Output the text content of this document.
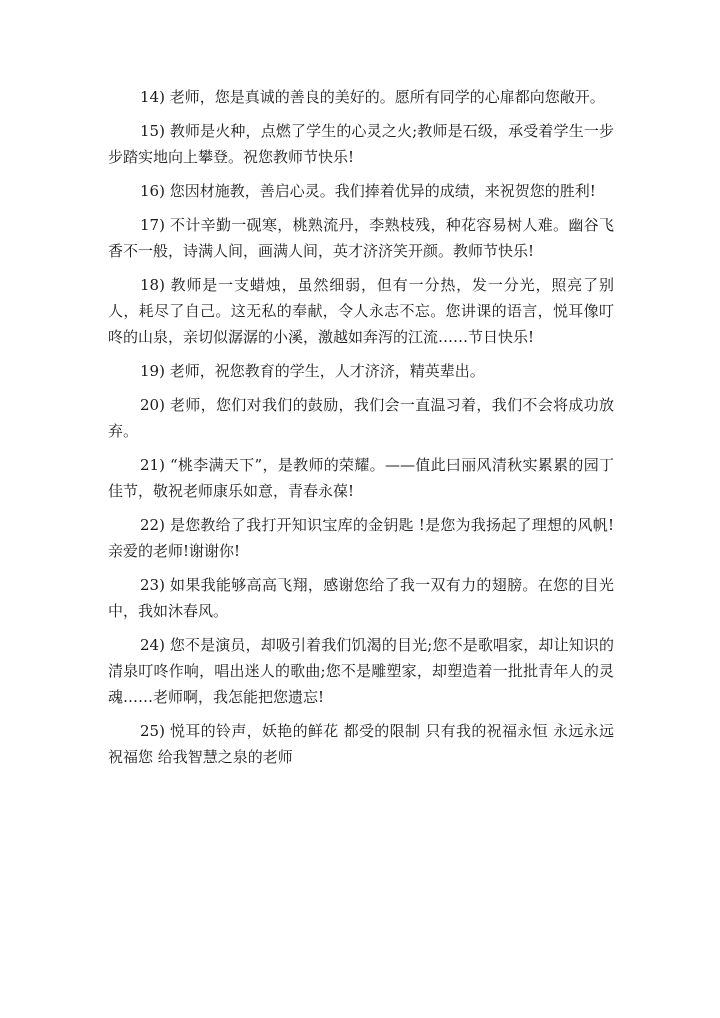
14) 老师，您是真诚的善良的美好的。愿所有同学的心扉都向您敞开。

15) 教师是火种，点燃了学生的心灵之火;教师是石级，承受着学生一步步踏实地向上攀登。祝您教师节快乐!

16) 您因材施教，善启心灵。我们捧着优异的成绩，来祝贺您的胜利!

17) 不计辛勤一砚寒，桃熟流丹，李熟枝残，种花容易树人难。幽谷飞香不一般，诗满人间，画满人间，英才济济笑开颜。教师节快乐!

18) 教师是一支蜡烛，虽然细弱，但有一分热，发一分光，照亮了别人，耗尽了自己。这无私的奉献，令人永志不忘。您讲课的语言，悦耳像叮咚的山泉，亲切似潺潺的小溪，激越如奔泻的江流……节日快乐!

19) 老师，祝您教育的学生，人才济济，精英辈出。

20) 老师，您们对我们的鼓励，我们会一直温习着，我们不会将成功放弃。

21) “桃李满天下”，是教师的荣耀。——值此曰丽风清秋实累累的园丁佳节，敬祝老师康乐如意，青春永葆!

22) 是您教给了我打开知识宝库的金钥匙 !是您为我扬起了理想的风帆!亲爱的老师!谢谢你!

23) 如果我能够高高飞翔，感谢您给了我一双有力的翅膀。在您的目光中，我如沐春风。

24) 您不是演员，却吸引着我们饥渴的目光;您不是歌唱家，却让知识的清泉叮咚作响，唱出迷人的歌曲;您不是雕塑家，却塑造着一批批青年人的灵魂……老师啊，我怎能把您遗忘!

25) 悦耳的铃声，妖艳的鲜花 都受的限制 只有我的祝福永恒 永远永远祝福您 给我智慧之泉的老师
